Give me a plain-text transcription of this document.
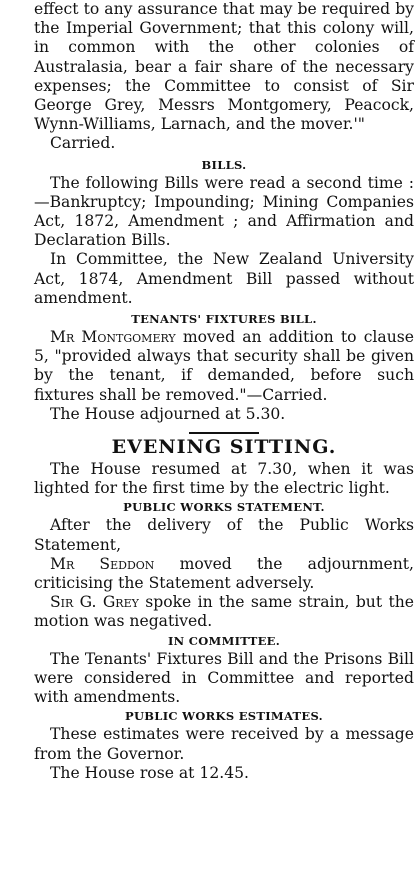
effect to any assurance that may be required by the Imperial Government; that this colony will, in common with the other colonies of Australasia, bear a fair share of the necessary expenses; the Committee to consist of Sir George Grey, Messrs Montgomery, Peacock, Wynn-Williams, Larnach, and the mover.'"

Carried.

BILLS.

The following Bills were read a second time :—Bankruptcy; Impounding; Mining Companies Act, 1872, Amendment ; and Affirmation and Declaration Bills.

In Committee, the New Zealand University Act, 1874, Amendment Bill passed without amendment.

TENANTS' FIXTURES BILL.

Mr Montgomery moved an addition to clause 5, "provided always that security shall be given by the tenant, if demanded, before such fixtures shall be removed."—Carried.

The House adjourned at 5.30.

EVENING SITTING.

The House resumed at 7.30, when it was lighted for the first time by the electric light.

PUBLIC WORKS STATEMENT.

After the delivery of the Public Works Statement,

Mr Seddon moved the adjournment, criticising the Statement adversely.

Sir G. Grey spoke in the same strain, but the motion was negatived.

IN COMMITTEE.

The Tenants' Fixtures Bill and the Prisons Bill were considered in Committee and reported with amendments.

PUBLIC WORKS ESTIMATES.

These estimates were received by a message from the Governor.

The House rose at 12.45.
